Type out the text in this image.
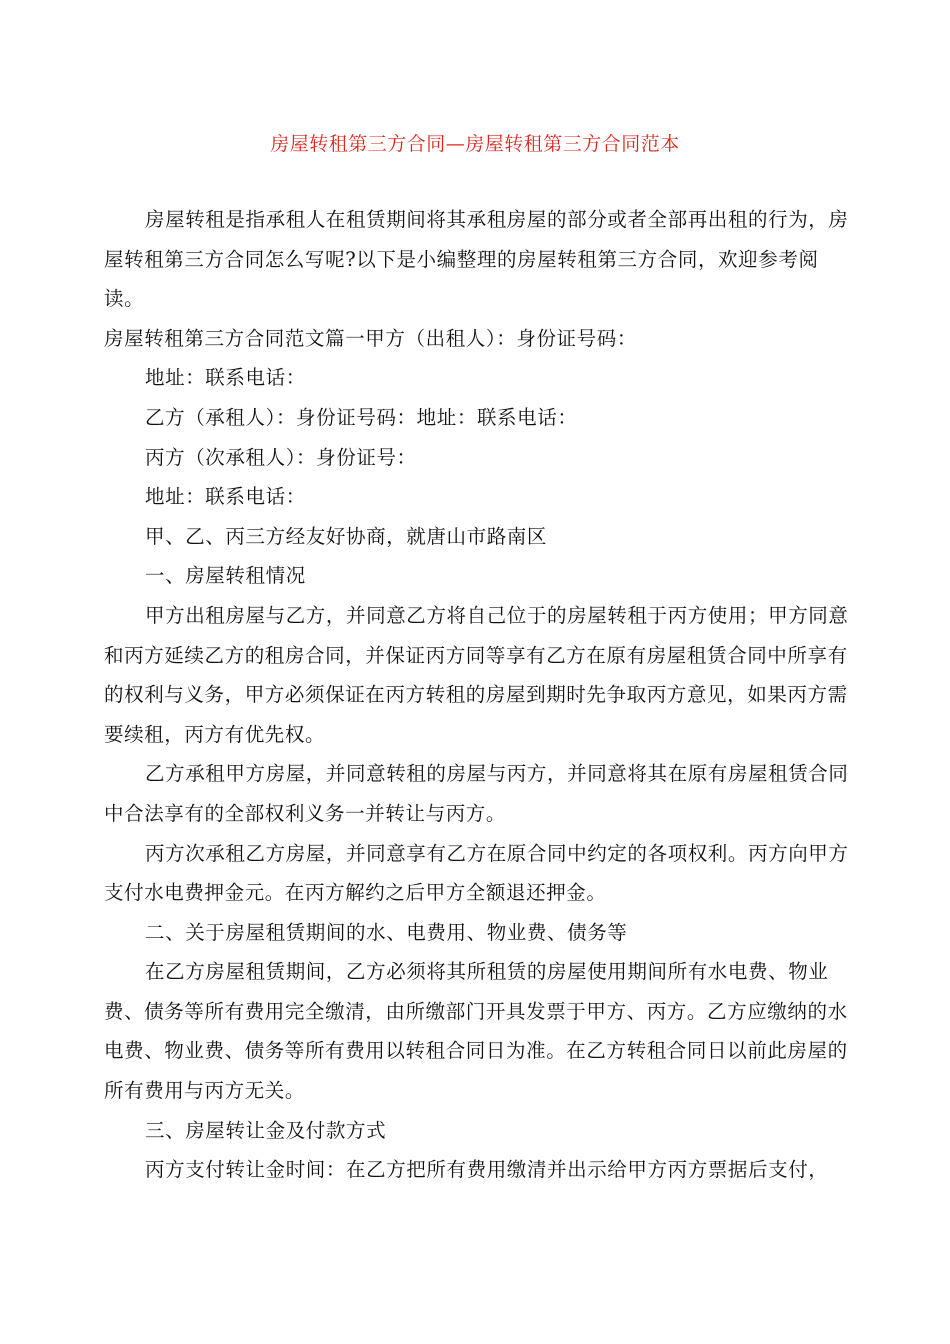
房屋转租第三方合同—房屋转租第三方合同范本

房屋转租是指承租人在租赁期间将其承租房屋的部分或者全部再出租的行为，房屋转租第三方合同怎么写呢?以下是小编整理的房屋转租第三方合同，欢迎参考阅读。

房屋转租第三方合同范文篇一甲方（出租人）：身份证号码：

地址：联系电话：

乙方（承租人）：身份证号码：地址：联系电话：

丙方（次承租人）：身份证号：

地址：联系电话：

甲、乙、丙三方经友好协商，就唐山市路南区

一、房屋转租情况

甲方出租房屋与乙方，并同意乙方将自己位于的房屋转租于丙方使用；甲方同意和丙方延续乙方的租房合同，并保证丙方同等享有乙方在原有房屋租赁合同中所享有的权利与义务，甲方必须保证在丙方转租的房屋到期时先争取丙方意见，如果丙方需要续租，丙方有优先权。

乙方承租甲方房屋，并同意转租的房屋与丙方，并同意将其在原有房屋租赁合同中合法享有的全部权利义务一并转让与丙方。

丙方次承租乙方房屋，并同意享有乙方在原合同中约定的各项权利。丙方向甲方支付水电费押金元。在丙方解约之后甲方全额退还押金。

二、关于房屋租赁期间的水、电费用、物业费、债务等

在乙方房屋租赁期间，乙方必须将其所租赁的房屋使用期间所有水电费、物业费、债务等所有费用完全缴清，由所缴部门开具发票于甲方、丙方。乙方应缴纳的水电费、物业费、债务等所有费用以转租合同日为准。在乙方转租合同日以前此房屋的所有费用与丙方无关。

三、房屋转让金及付款方式

丙方支付转让金时间：在乙方把所有费用缴清并出示给甲方丙方票据后支付，
